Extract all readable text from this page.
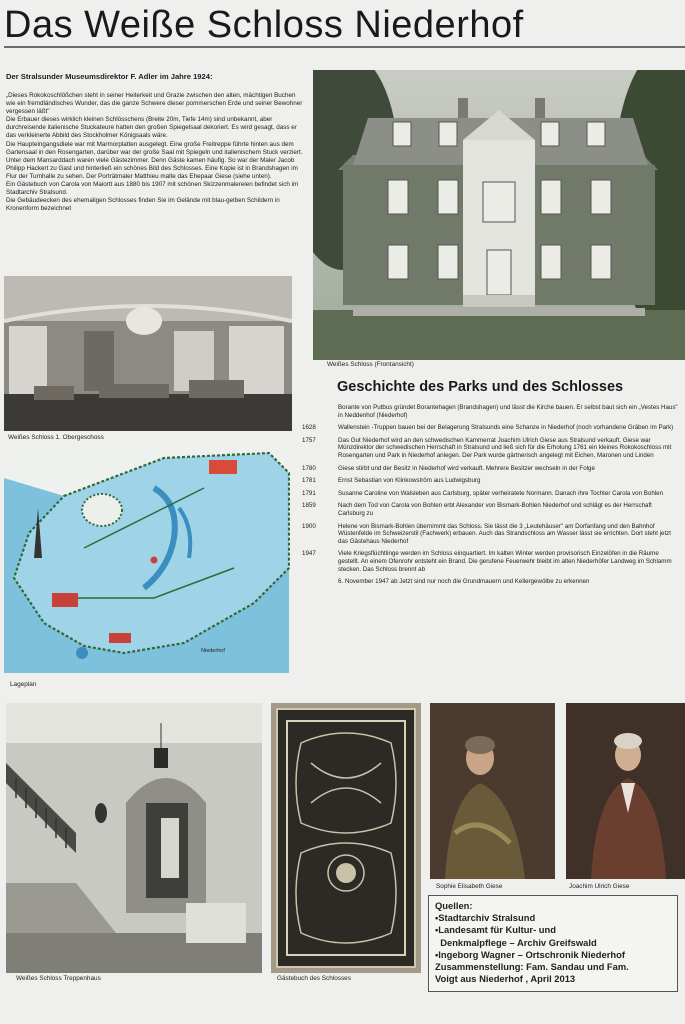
Das Weiße Schloss Niederhof
Der Stralsunder Museumsdirektor F. Adler im Jahre 1924:

„Dieses Rokokoschlößchen steht in seiner Heiterkeit und Grazie zwischen den alten, mächtigen Buchen wie ein fremdländisches Wunder, das die ganze Schwere dieser pommerschen Erde und seiner Bewohner vergessen läßt"

Die Erbauer dieses wirklich kleinen Schlösschens (Breite 20m, Tiefe 14m) sind unbekannt, aber durchreisende italienische Stuckateure hatten den großen Spiegelsaal dekoriert. Es wird gesagt, dass er das verkleinerte Abbild des Stockholmer Königsaals wäre.

Die Haupteingangsdiele war mit Marmorplatten ausgelegt. Eine große Freitreppe führte hinten aus dem Gartensaal in den Rosengarten, darüber war der große Saal mit Spiegeln und italienischem Stuck verziert.

Unter dem Mansarddach waren viele Gästezimmer. Denn Gäste kamen häufig. So war der Maler Jacob Philipp Hackert zu Gast und hinterließ ein schönes Bild des Schlosses. Eine Kopie ist in Brandshagen im Flur der Turnhalle zu sehen. Der Porträtmaler Matthieu malte das Ehepaar Giese (siehe unten).

Ein Gästebuch von Carola von Maiortt aus 1880 bis 1907 mit schönen Skizzenmalereien befindet sich im Stadtarchiv Stralsund.

Die Gebäudeecken des ehemaligen Schlosses finden Sie im Gelände mit blau-gelben Schildern in Kronenform bezeichnet

Weißes Schloss (Frontansicht)
Weißes Schloss 1. Obergeschoss
Niederhof
Lageplan
Geschichte des Parks und des Schlosses
Borante von Putbus gründet Borantehagen (Brandshagen) und lässt die Kirche bauen. Er selbst baut sich ein „Vestes Haus" in Neddenhof (Niederhof)
1628	Wallenstein -Truppen bauen bei der Belagerung Stralsunds eine Schanze in Niederhof (noch vorhandene Gräben im Park)
1757	Das Gut Niederhof wird an den schwedischen Kammerrat Joachim Ulrich Giese aus Stralsund verkauft. Giese war Münzdirektor der schwedischen Herrschaft in Stralsund und ließ sich für die Erholung 1761 ein kleines Rokokoschloss mit Rosengarten und Park in Niederhof anlegen. Der Park wurde gärtnerisch angelegt mit Eichen, Maronen und Linden
1780	Giese stirbt und der Besitz in Niederhof wird verkauft. Mehrere Besitzer wechseln in der Folge
1781	Ernst Sebastian von Klinkowström aus Ludwigsburg
1791	Susanne Caroline von Walsleben aus Carlsburg, später verheiratete Normann. Danach ihre Tochter Carola von Bohlen
1859	Nach dem Tod von Carola von Bohlen erbt Alexander von Bismark-Bohlen Niederhof und schlägt es der Herrschaft Carlsburg zu
1900	Helene von Bismark-Bohlen übernimmt das Schloss. Sie lässt die 3 „Leutehäuser" am Dorfanfang und den Bahnhof Wüstenfelde im Schweizerstil (Fachwerk) erbauen. Auch das Strandschloss am Wasser lässt sie errichten. Dort steht jetzt das Gästehaus Niederhof
1947	Viele Kriegsflüchtlinge werden im Schloss einquartiert. Im kalten Winter werden provisorisch Einzelöfen in die Räume gestellt. An einem Ofenrohr entsteht ein Brand. Die gerufene Feuerwehr bleibt im alten Niederhöfer Landweg im Schlamm stecken. Das Schloss brennt ab
6. November 1947 ab Jetzt sind nur noch die Grundmauern und Kellergewölbe zu erkennen
Weißes Schloss Treppenhaus	Gästebuch des Schlosses
Sophie Elisabeth Giese	Joachim Ulrich Giese
Quellen:
•Stadtarchiv Stralsund
•Landesamt für Kultur- und
Denkmalpflege – Archiv Greifswald
•Ingeborg Wagner – Ortschronik Niederhof
Zusammenstellung: Fam. Sandau und Fam.
Voigt aus Niederhof , April 2013
